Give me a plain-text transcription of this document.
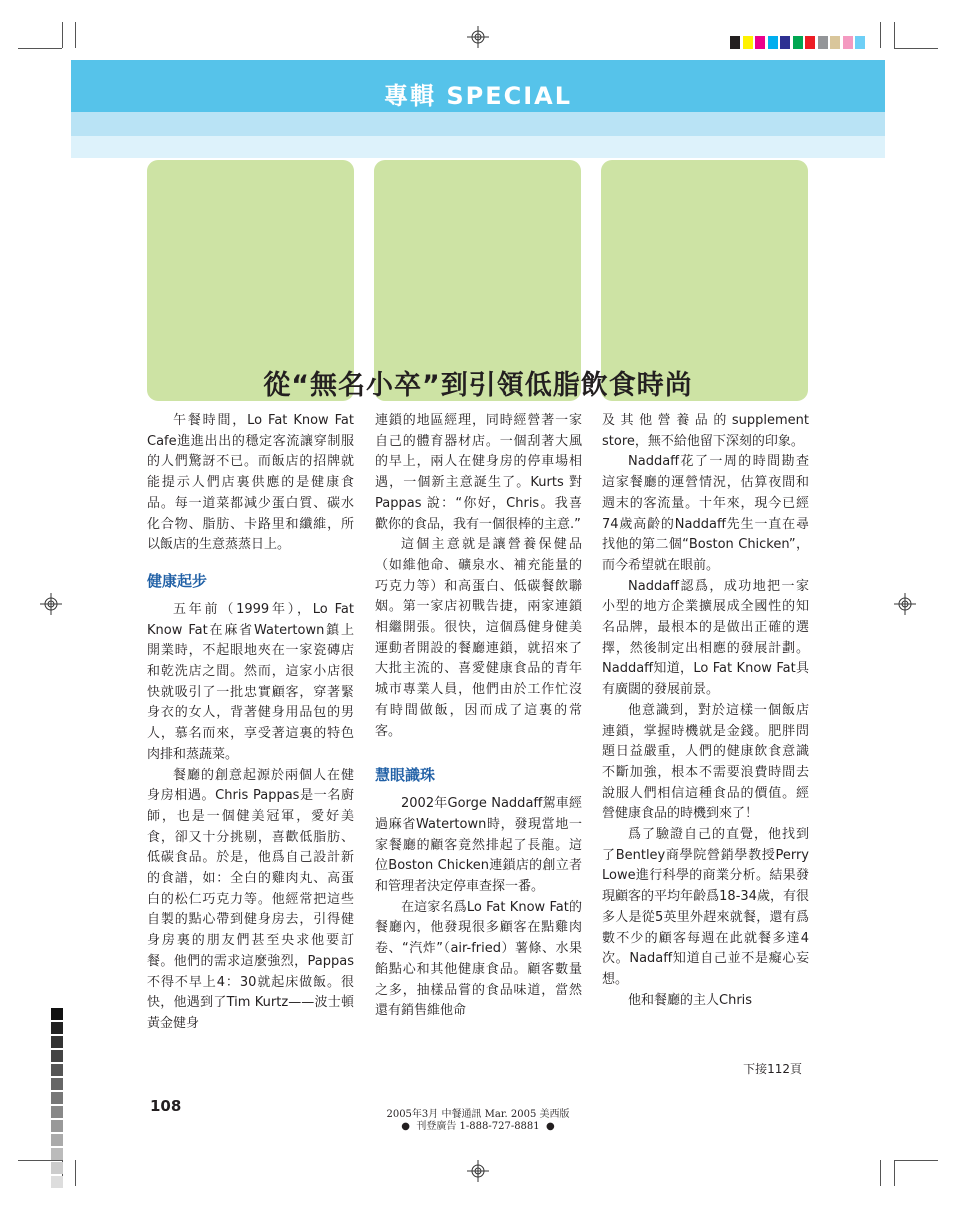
專輯 SPECIAL
從“無名小卒”到引領低脂飲食時尚

午餐時間，Lo Fat Know Fat Cafe進進出出的穩定客流讓穿制服的人們驚訝不已。而飯店的招牌就能提示人們店裏供應的是健康食品。每一道菜都減少蛋白質、碳水化合物、脂肪、卡路里和纖維，所以飯店的生意蒸蒸日上。

健康起步

五年前（1999年），Lo Fat Know Fat在麻省Watertown鎮上開業時，不起眼地夾在一家瓷磚店和乾洗店之間。然而，這家小店很快就吸引了一批忠實顧客，穿著緊身衣的女人，背著健身用品包的男人，慕名而來，享受著這裏的特色肉排和蒸蔬菜。

餐廳的創意起源於兩個人在健身房相遇。Chris Pappas是一名廚師，也是一個健美冠軍，愛好美食，卻又十分挑剔，喜歡低脂肪、低碳食品。於是，他爲自己設計新的食譜，如：全白的雞肉丸、高蛋白的松仁巧克力等。他經常把這些自製的點心帶到健身房去，引得健身房裏的朋友們甚至央求他要訂餐。他們的需求這麼強烈，Pappas不得不早上4：30就起床做飯。很快，他遇到了Tim Kurtz——波士頓黃金健身

連鎖的地區經理，同時經營著一家自己的體育器材店。一個刮著大風的早上，兩人在健身房的停車場相遇，一個新主意誕生了。Kurts 對 Pappas 說：“你好，Chris。我喜歡你的食品，我有一個很棒的主意.”

這個主意就是讓營養保健品（如維他命、礦泉水、補充能量的巧克力等）和高蛋白、低碳餐飲聯姻。第一家店初戰告捷，兩家連鎖相繼開張。很快，這個爲健身健美運動者開設的餐廳連鎖，就招來了大批主流的、喜愛健康食品的青年城市專業人員，他們由於工作忙沒有時間做飯，因而成了這裏的常客。

慧眼識珠

2002年Gorge Naddaff駕車經過麻省Watertown時，發現當地一家餐廳的顧客竟然排起了長龍。這位Boston Chicken連鎖店的創立者和管理者決定停車查探一番。

在這家名爲Lo Fat Know Fat的餐廳內，他發現很多顧客在點雞肉卷、“汽炸”（air-fried）薯條、水果餡點心和其他健康食品。顧客數量之多，抽樣品嘗的食品味道，當然還有銷售維他命

及其他營養品的supplement store，無不給他留下深刻的印象。

Naddaff花了一周的時間勘查這家餐廳的運營情況，估算夜間和週末的客流量。十年來，現今已經74歲高齡的Naddaff先生一直在尋找他的第二個“Boston Chicken”，而今希望就在眼前。

Naddaff認爲，成功地把一家小型的地方企業擴展成全國性的知名品牌，最根本的是做出正確的選擇，然後制定出相應的發展計劃。Naddaff知道，Lo Fat Know Fat具有廣闊的發展前景。

他意識到，對於這樣一個飯店連鎖，掌握時機就是金錢。肥胖問題日益嚴重，人們的健康飲食意識不斷加強，根本不需要浪費時間去說服人們相信這種食品的價值。經營健康食品的時機到來了！

爲了驗證自己的直覺，他找到了Bentley商學院營銷學教授Perry Lowe進行科學的商業分析。結果發現顧客的平均年齡爲18-34歲，有很多人是從5英里外趕來就餐，還有爲數不少的顧客每週在此就餐多達4次。Nadaff知道自己並不是癡心妄想。

他和餐廳的主人Chris

下接112頁
108	2005年3月 中餐通訊 Mar. 2005 美西版
● 刊登廣告 1-888-727-8881 ●
